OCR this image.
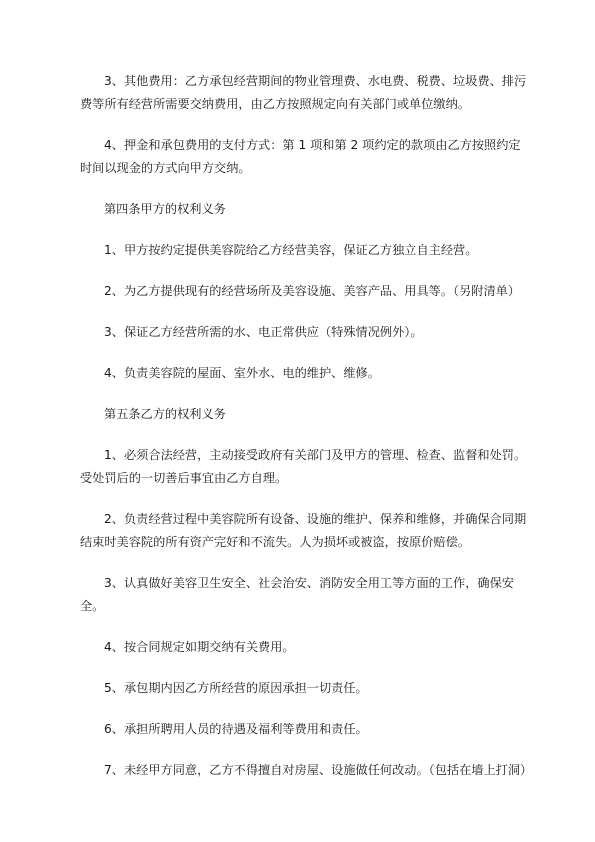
3、其他费用：乙方承包经营期间的物业管理费、水电费、税费、垃圾费、排污费等所有经营所需要交纳费用，由乙方按照规定向有关部门或单位缴纳。

4、押金和承包费用的支付方式：第 1 项和第 2 项约定的款项由乙方按照约定时间以现金的方式向甲方交纳。

第四条甲方的权利义务

1、甲方按约定提供美容院给乙方经营美容，保证乙方独立自主经营。

2、为乙方提供现有的经营场所及美容设施、美容产品、用具等。（另附清单）

3、保证乙方经营所需的水、电正常供应（特殊情况例外）。

4、负责美容院的屋面、室外水、电的维护、维修。

第五条乙方的权利义务

1、必须合法经营，主动接受政府有关部门及甲方的管理、检查、监督和处罚。受处罚后的一切善后事宜由乙方自理。

2、负责经营过程中美容院所有设备、设施的维护、保养和维修，并确保合同期结束时美容院的所有资产完好和不流失。人为损坏或被盗，按原价赔偿。

3、认真做好美容卫生安全、社会治安、消防安全用工等方面的工作，确保安全。

4、按合同规定如期交纳有关费用。

5、承包期内因乙方所经营的原因承担一切责任。

6、承担所聘用人员的待遇及福利等费用和责任。

7、未经甲方同意，乙方不得擅自对房屋、设施做任何改动。（包括在墙上打洞）
